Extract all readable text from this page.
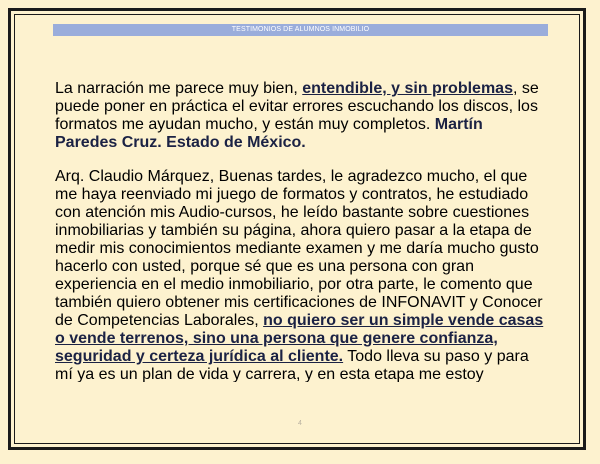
TESTIMONIOS DE ALUMNOS INMOBILIO

La narración me parece muy bien, entendible, y sin problemas, se puede poner en práctica el evitar errores escuchando los discos, los formatos me ayudan mucho, y están muy completos. Martín Paredes Cruz. Estado de México.

Arq. Claudio Márquez, Buenas tardes, le agradezco mucho, el que me haya reenviado mi juego de formatos y contratos, he estudiado con atención mis Audio-cursos, he leído bastante sobre cuestiones inmobiliarias y también su página, ahora quiero pasar a la etapa de medir mis conocimientos mediante examen y me daría mucho gusto hacerlo con usted, porque sé que es una persona con gran experiencia en el medio inmobiliario, por otra parte, le comento que también quiero obtener mis certificaciones de INFONAVIT y Conocer de Competencias Laborales, no quiero ser un simple vende casas o vende terrenos, sino una persona que genere confianza, seguridad y certeza jurídica al cliente. Todo lleva su paso y para mí ya es un plan de vida y carrera, y en esta etapa me estoy

4
